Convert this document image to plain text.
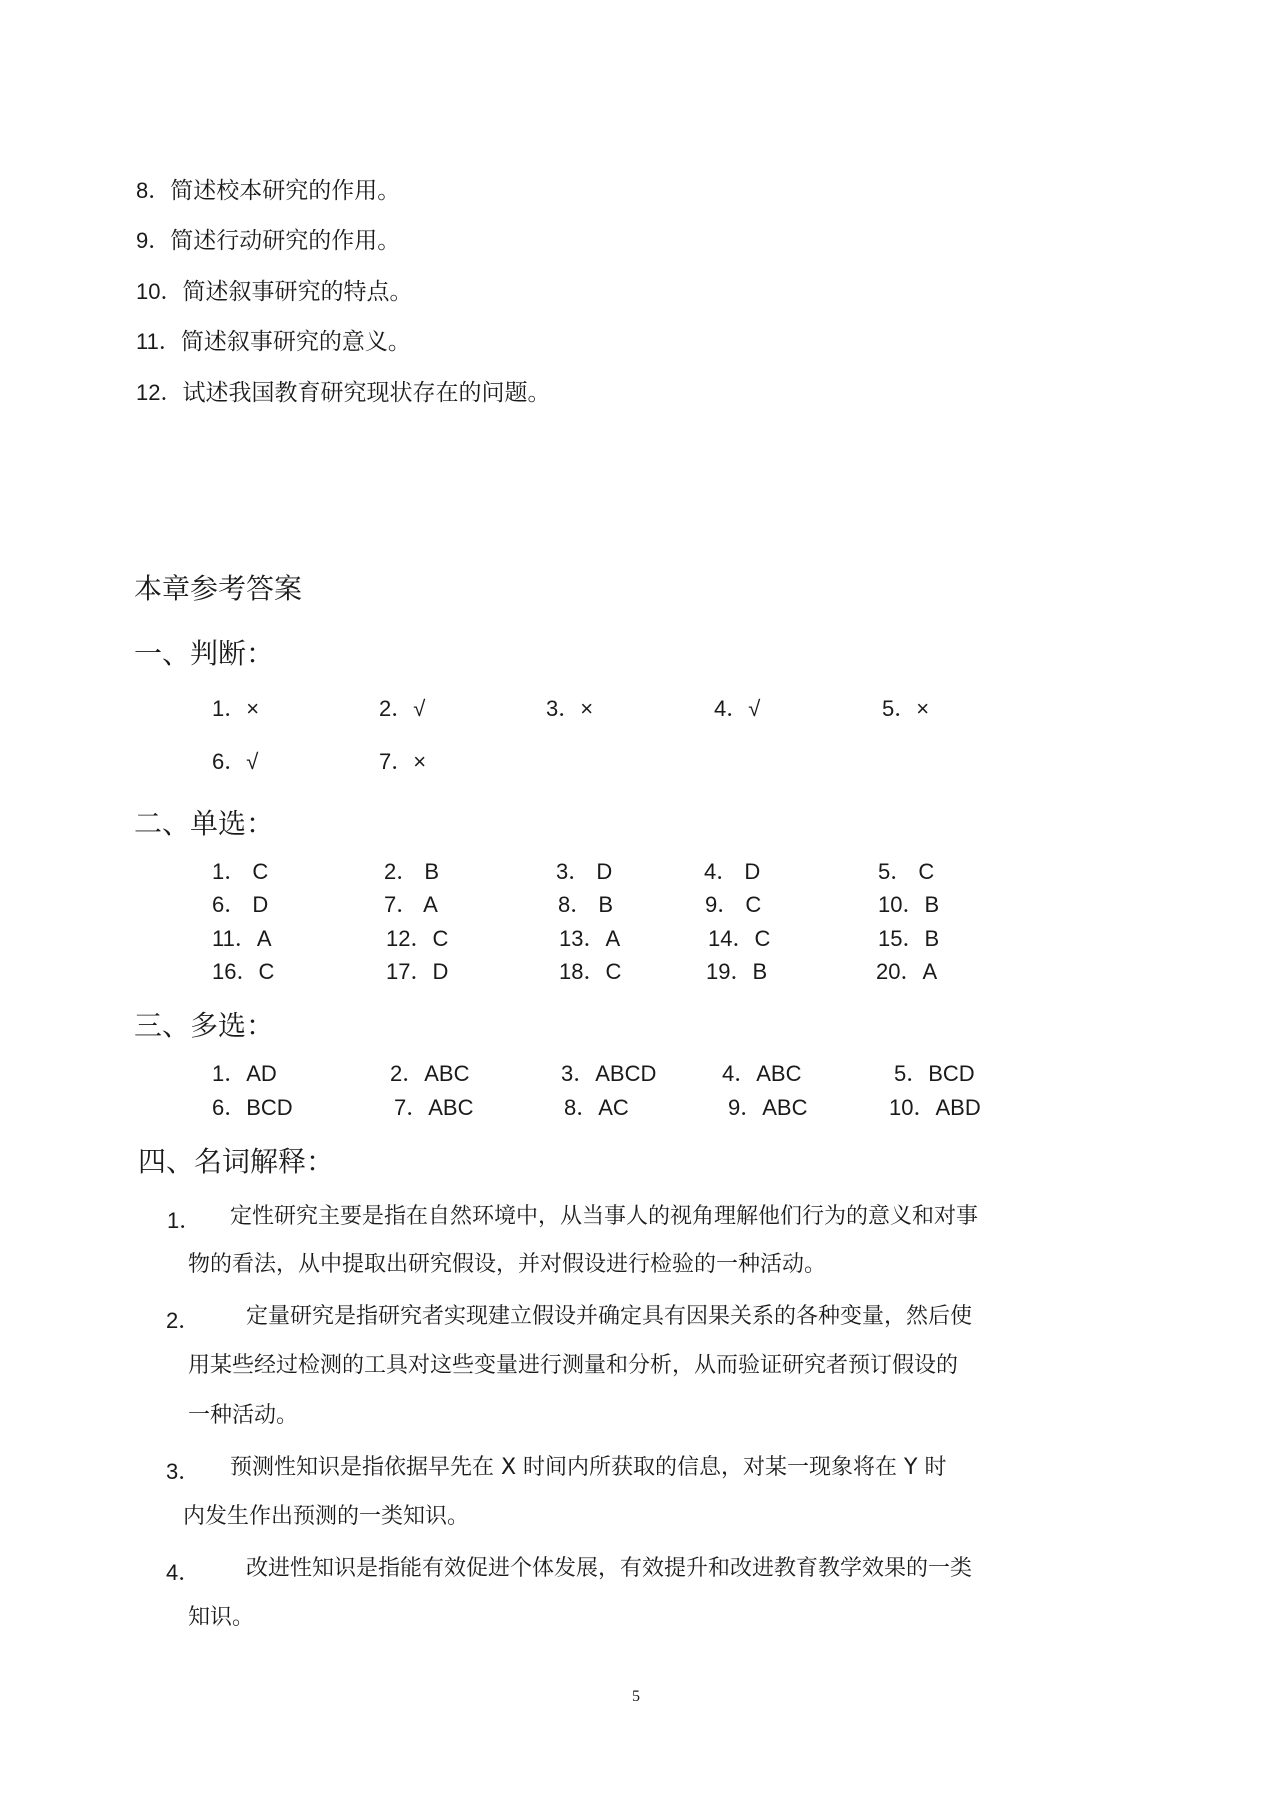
8．简述校本研究的作用。
9．简述行动研究的作用。
10．简述叙事研究的特点。
11．简述叙事研究的意义。
12．试述我国教育研究现状存在的问题。
本章参考答案
一、判断：
1．×	2．√	3．×	4．√	5．×
6．√	7．×
二、单选：
1． C	2． B	3． D	4． D	5． C
6． D	7． A	8． B	9． C	10．B
11．A	12．C	13．A	14．C	15．B
16．C	17．D	18．C	19．B	20．A
三、多选：
1．AD	2．ABC	3．ABCD	4．ABC	5．BCD
6．BCD	7．ABC	8．AC	9．ABC	10．ABD
四、名词解释：
1． 定性研究主要是指在自然环境中，从当事人的视角理解他们行为的意义和对事
物的看法，从中提取出研究假设，并对假设进行检验的一种活动。
2． 定量研究是指研究者实现建立假设并确定具有因果关系的各种变量，然后使
用某些经过检测的工具对这些变量进行测量和分析，从而验证研究者预订假设的
一种活动。
3． 预测性知识是指依据早先在 X 时间内所获取的信息，对某一现象将在 Y 时
内发生作出预测的一类知识。
4． 改进性知识是指能有效促进个体发展，有效提升和改进教育教学效果的一类
知识。
5
